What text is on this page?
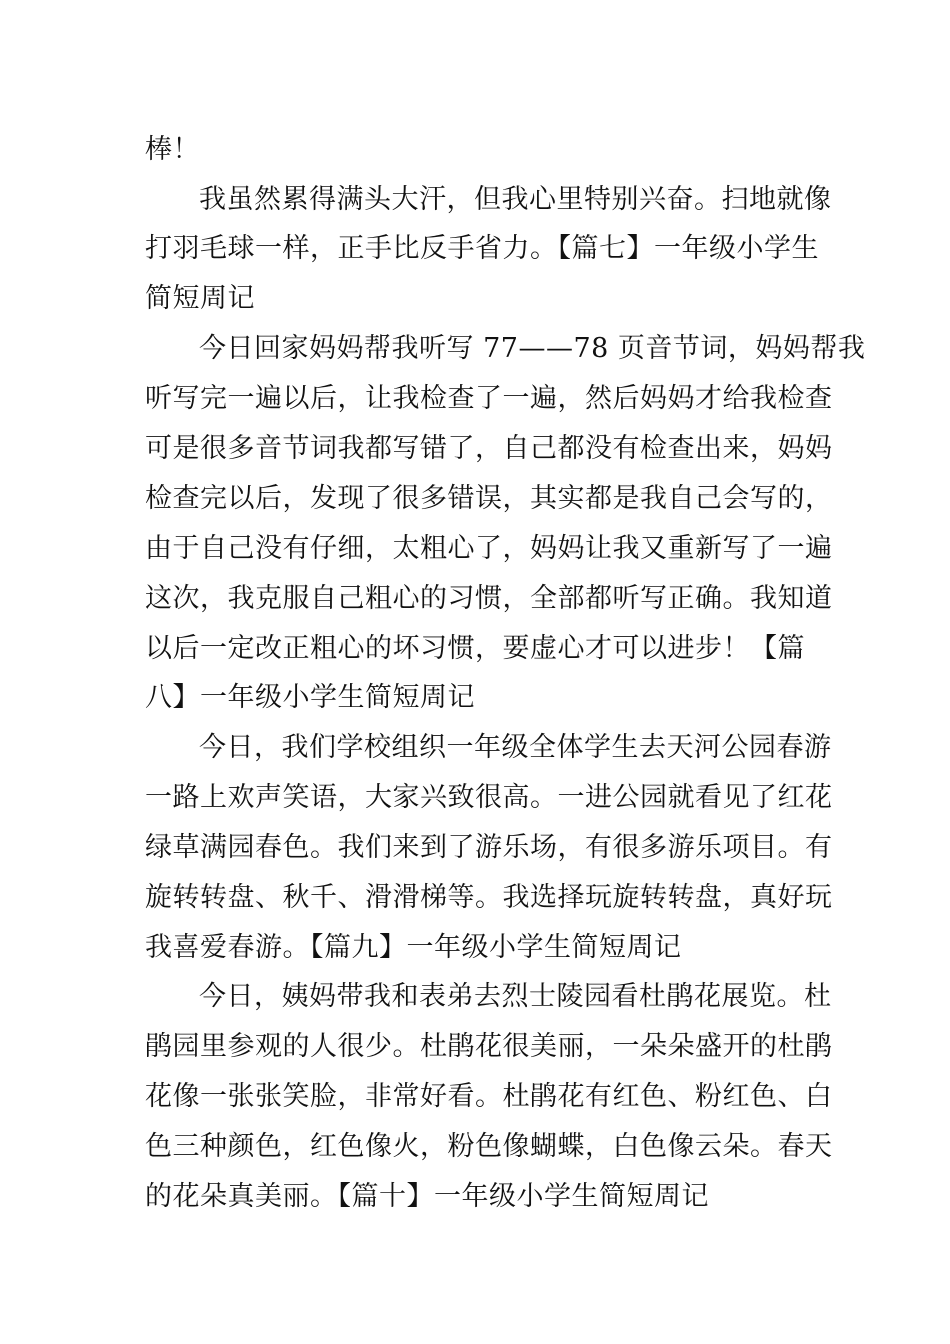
棒！
我虽然累得满头大汗，但我心里特别兴奋。扫地就像
打羽毛球一样，正手比反手省力。【篇七】一年级小学生
简短周记
今日回家妈妈帮我听写 77——78 页音节词，妈妈帮我
听写完一遍以后，让我检查了一遍，然后妈妈才给我检查
可是很多音节词我都写错了，自己都没有检查出来，妈妈
检查完以后，发现了很多错误，其实都是我自己会写的，
由于自己没有仔细，太粗心了，妈妈让我又重新写了一遍
这次，我克服自己粗心的习惯，全部都听写正确。我知道
以后一定改正粗心的坏习惯，要虚心才可以进步！【篇
八】一年级小学生简短周记
今日，我们学校组织一年级全体学生去天河公园春游
一路上欢声笑语，大家兴致很高。一进公园就看见了红花
绿草满园春色。我们来到了游乐场，有很多游乐项目。有
旋转转盘、秋千、滑滑梯等。我选择玩旋转转盘，真好玩
我喜爱春游。【篇九】一年级小学生简短周记
今日，姨妈带我和表弟去烈士陵园看杜鹃花展览。杜
鹃园里参观的人很少。杜鹃花很美丽，一朵朵盛开的杜鹃
花像一张张笑脸，非常好看。杜鹃花有红色、粉红色、白
色三种颜色，红色像火，粉色像蝴蝶，白色像云朵。春天
的花朵真美丽。【篇十】一年级小学生简短周记
